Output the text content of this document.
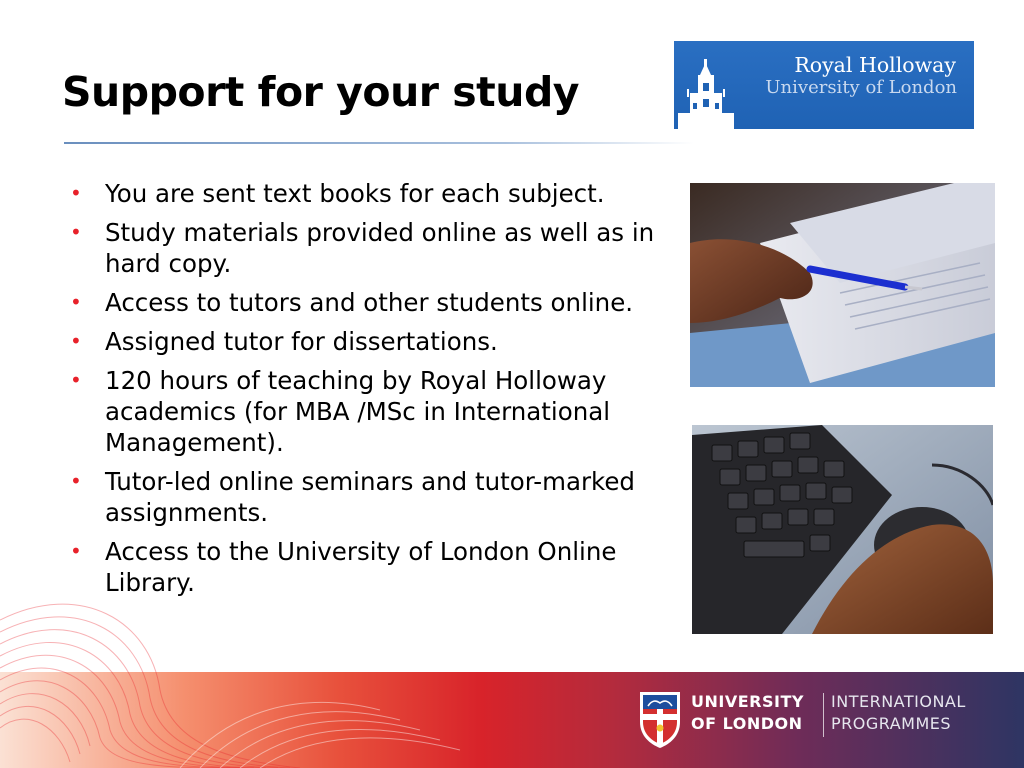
Support for your study
Royal Holloway
University of London
• You are sent text books for each subject.
• Study materials provided online as well as in hard copy.
• Access to tutors and other students online.
• Assigned tutor for dissertations.
• 120 hours of teaching by Royal Holloway academics (for MBA /MSc in International Management).
• Tutor-led online seminars and tutor-marked assignments.
• Access to the University of London Online Library.
UNIVERSITY
OF LONDON
INTERNATIONAL
PROGRAMMES
